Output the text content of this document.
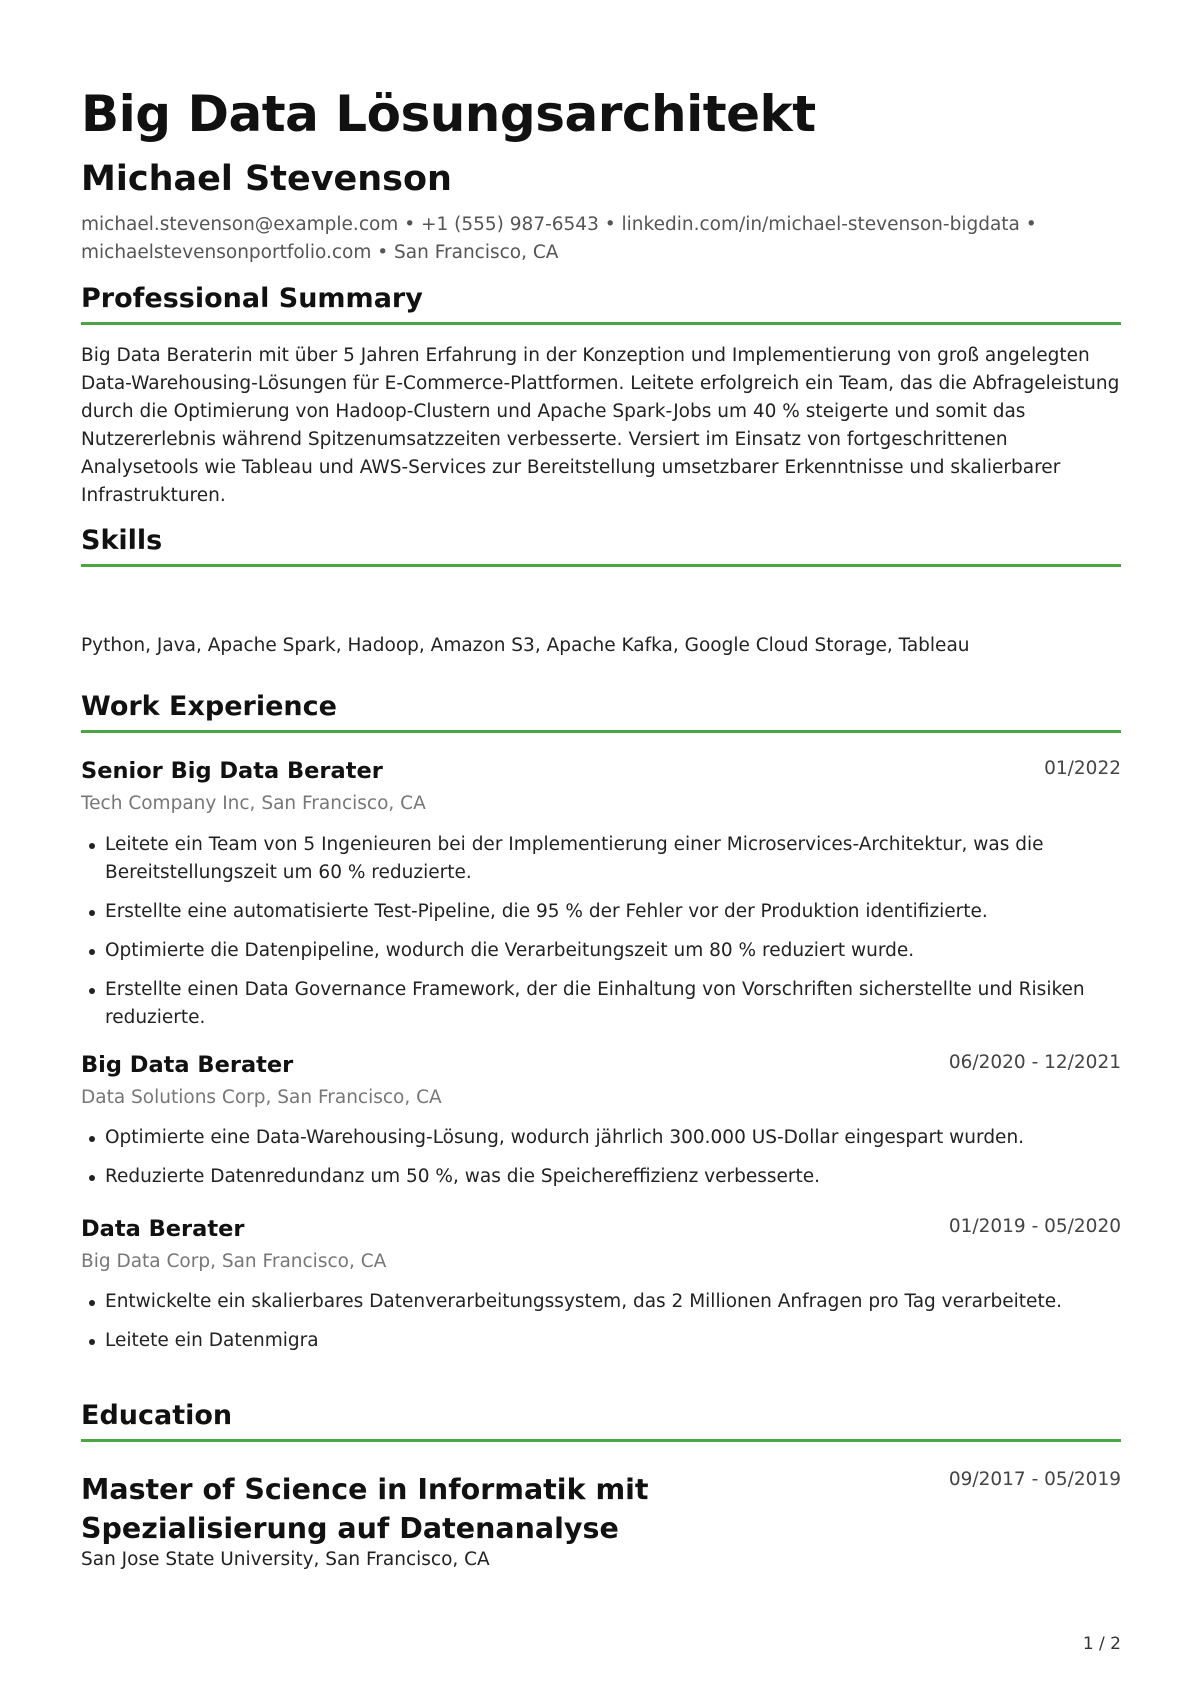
Big Data Lösungsarchitekt
Michael Stevenson
michael.stevenson@example.com • +1 (555) 987-6543 • linkedin.com/in/michael-stevenson-bigdata •
michaelstevensonportfolio.com • San Francisco, CA
Professional Summary

Big Data Beraterin mit über 5 Jahren Erfahrung in der Konzeption und Implementierung von groß angelegten Data-Warehousing-Lösungen für E-Commerce-Plattformen. Leitete erfolgreich ein Team, das die Abfrageleistung durch die Optimierung von Hadoop-Clustern und Apache Spark-Jobs um 40 % steigerte und somit das Nutzererlebnis während Spitzenumsatzzeiten verbesserte. Versiert im Einsatz von fortgeschrittenen Analysetools wie Tableau und AWS-Services zur Bereitstellung umsetzbarer Erkenntnisse und skalierbarer Infrastrukturen.

Skills

Python, Java, Apache Spark, Hadoop, Amazon S3, Apache Kafka, Google Cloud Storage, Tableau

Work Experience
Senior Big Data Berater	01/2022
Tech Company Inc, San Francisco, CA
Leitete ein Team von 5 Ingenieuren bei der Implementierung einer Microservices-Architektur, was die Bereitstellungszeit um 60 % reduzierte.
Erstellte eine automatisierte Test-Pipeline, die 95 % der Fehler vor der Produktion identifizierte.
Optimierte die Datenpipeline, wodurch die Verarbeitungszeit um 80 % reduziert wurde.
Erstellte einen Data Governance Framework, der die Einhaltung von Vorschriften sicherstellte und Risiken reduzierte.
Big Data Berater	06/2020 - 12/2021
Data Solutions Corp, San Francisco, CA
Optimierte eine Data-Warehousing-Lösung, wodurch jährlich 300.000 US-Dollar eingespart wurden.
Reduzierte Datenredundanz um 50 %, was die Speichereffizienz verbesserte.
Data Berater	01/2019 - 05/2020
Big Data Corp, San Francisco, CA
Entwickelte ein skalierbares Datenverarbeitungssystem, das 2 Millionen Anfragen pro Tag verarbeitete.
Leitete ein Datenmigra
Education
Master of Science in Informatik mit Spezialisierung auf Datenanalyse
09/2017 - 05/2019
San Jose State University, San Francisco, CA
1 / 2
